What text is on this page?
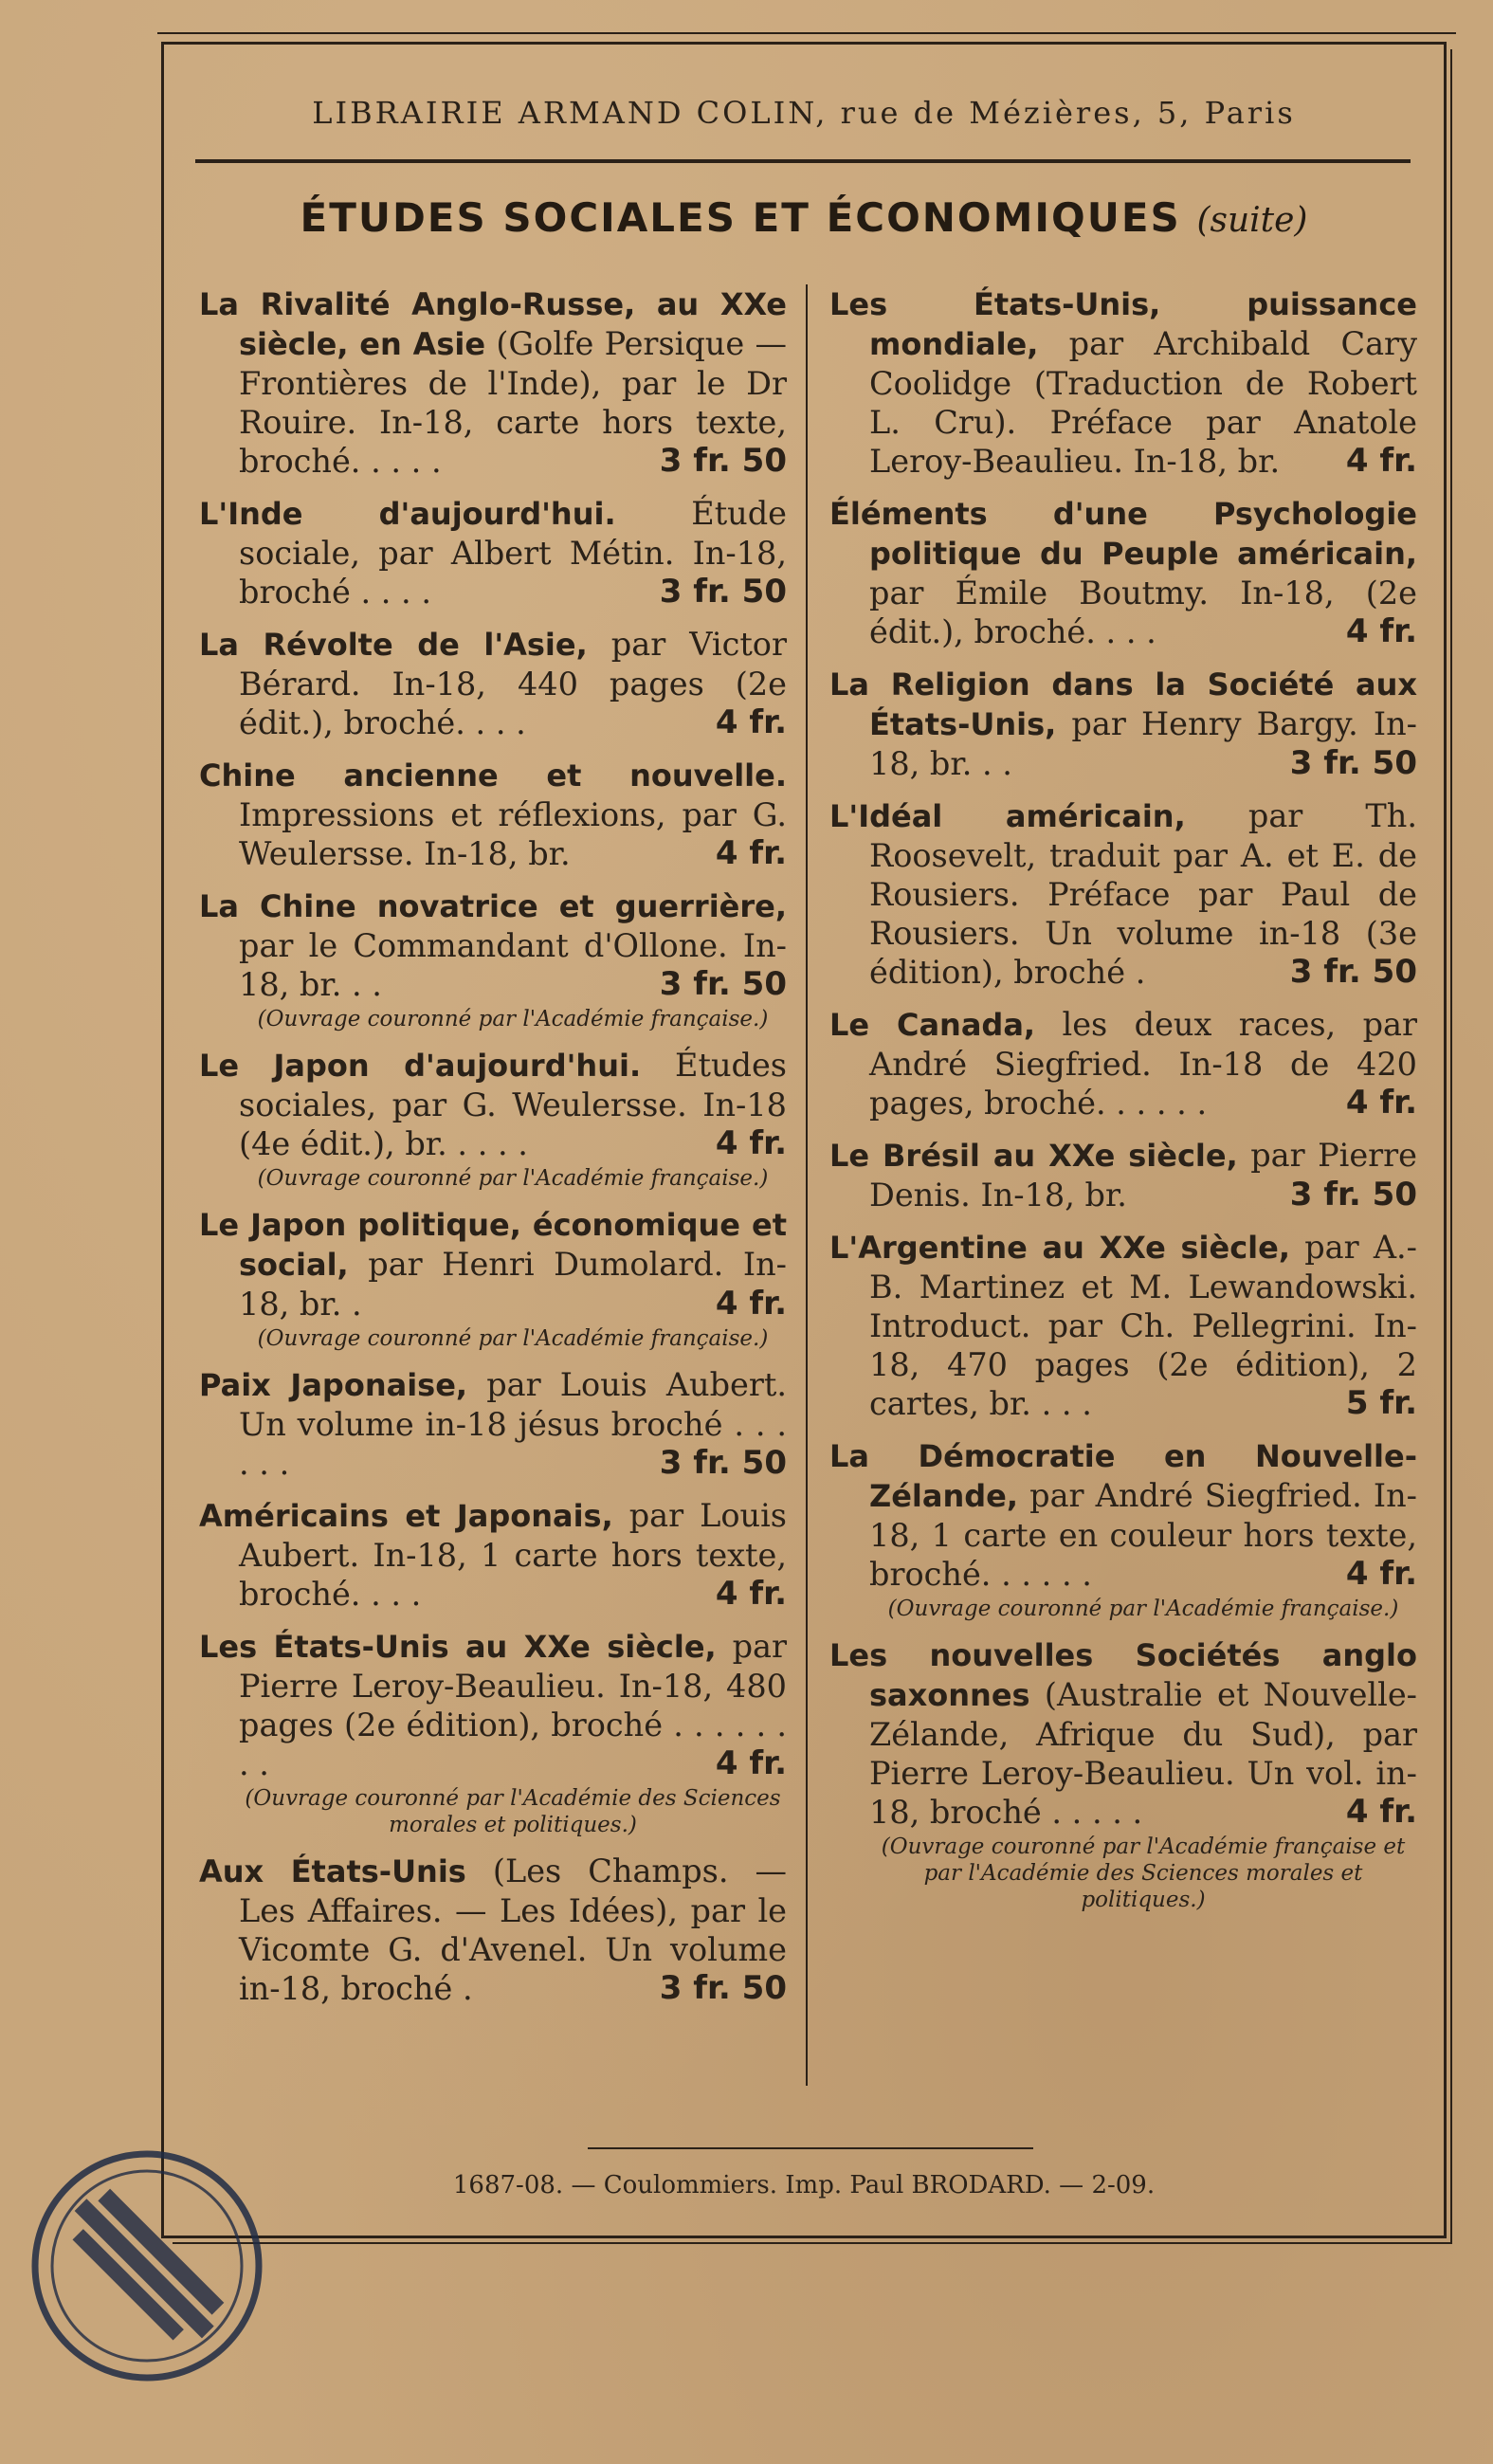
LIBRAIRIE ARMAND COLIN, rue de Mézières, 5, Paris
ÉTUDES SOCIALES ET ÉCONOMIQUES (suite)
La Rivalité Anglo-Russe, au XXe siècle, en Asie (Golfe Persique — Frontières de l'Inde), par le Dr Rouire. In-18, carte hors texte, broché. . . . .	3 fr. 50
L'Inde d'aujourd'hui. Étude sociale, par Albert Métin. In-18, broché . . . .	3 fr. 50
La Révolte de l'Asie, par Victor Bérard. In-18, 440 pages (2e édit.), broché. . . .	4 fr.
Chine ancienne et nouvelle. Impressions et réflexions, par G. Weulersse. In-18, br.	4 fr.
La Chine novatrice et guerrière, par le Commandant d'Ollone. In-18, br. . .	3 fr. 50
(Ouvrage couronné par l'Académie française.)
Le Japon d'aujourd'hui. Études sociales, par G. Weulersse. In-18 (4e édit.), br. . . . .	4 fr.
(Ouvrage couronné par l'Académie française.)
Le Japon politique, économique et social, par Henri Dumolard. In-18, br. .	4 fr.
(Ouvrage couronné par l'Académie française.)
Paix Japonaise, par Louis Aubert. Un volume in-18 jésus broché . . . . . .	3 fr. 50
Américains et Japonais, par Louis Aubert. In-18, 1 carte hors texte, broché. . . .	4 fr.
Les États-Unis au XXe siècle, par Pierre Leroy-Beaulieu. In-18, 480 pages (2e édition), broché . . . . . . . .	4 fr.
(Ouvrage couronné par l'Académie des Sciences morales et politiques.)
Aux États-Unis (Les Champs. — Les Affaires. — Les Idées), par le Vicomte G. d'Avenel. Un volume in-18, broché .	3 fr. 50
Les États-Unis, puissance mondiale, par Archibald Cary Coolidge (Traduction de Robert L. Cru). Préface par Anatole Leroy-Beaulieu. In-18, br. 4 fr.
Éléments d'une Psychologie politique du Peuple américain, par Émile Boutmy. In-18, (2e édit.), broché. . . .	4 fr.
La Religion dans la Société aux États-Unis, par Henry Bargy. In-18, br. . .	3 fr. 50
L'Idéal américain, par Th. Roosevelt, traduit par A. et E. de Rousiers. Préface par Paul de Rousiers. Un volume in-18 (3e édition), broché .	3 fr. 50
Le Canada, les deux races, par André Siegfried. In-18 de 420 pages, broché. . . . . .	4 fr.
Le Brésil au XXe siècle, par Pierre Denis. In-18, br.	3 fr. 50
L'Argentine au XXe siècle, par A.-B. Martinez et M. Lewandowski. Introduct. par Ch. Pellegrini. In-18, 470 pages (2e édition), 2 cartes, br. . . .	5 fr.
La Démocratie en Nouvelle-Zélande, par André Siegfried. In-18, 1 carte en couleur hors texte, broché. . . . . .	4 fr.
(Ouvrage couronné par l'Académie française.)
Les nouvelles Sociétés anglo saxonnes (Australie et Nouvelle-Zélande, Afrique du Sud), par Pierre Leroy-Beaulieu. Un vol. in-18, broché . . . . .	4 fr.
(Ouvrage couronné par l'Académie française et par l'Académie des Sciences morales et politiques.)
1687-08. — Coulommiers. Imp. Paul BRODARD. — 2-09.
